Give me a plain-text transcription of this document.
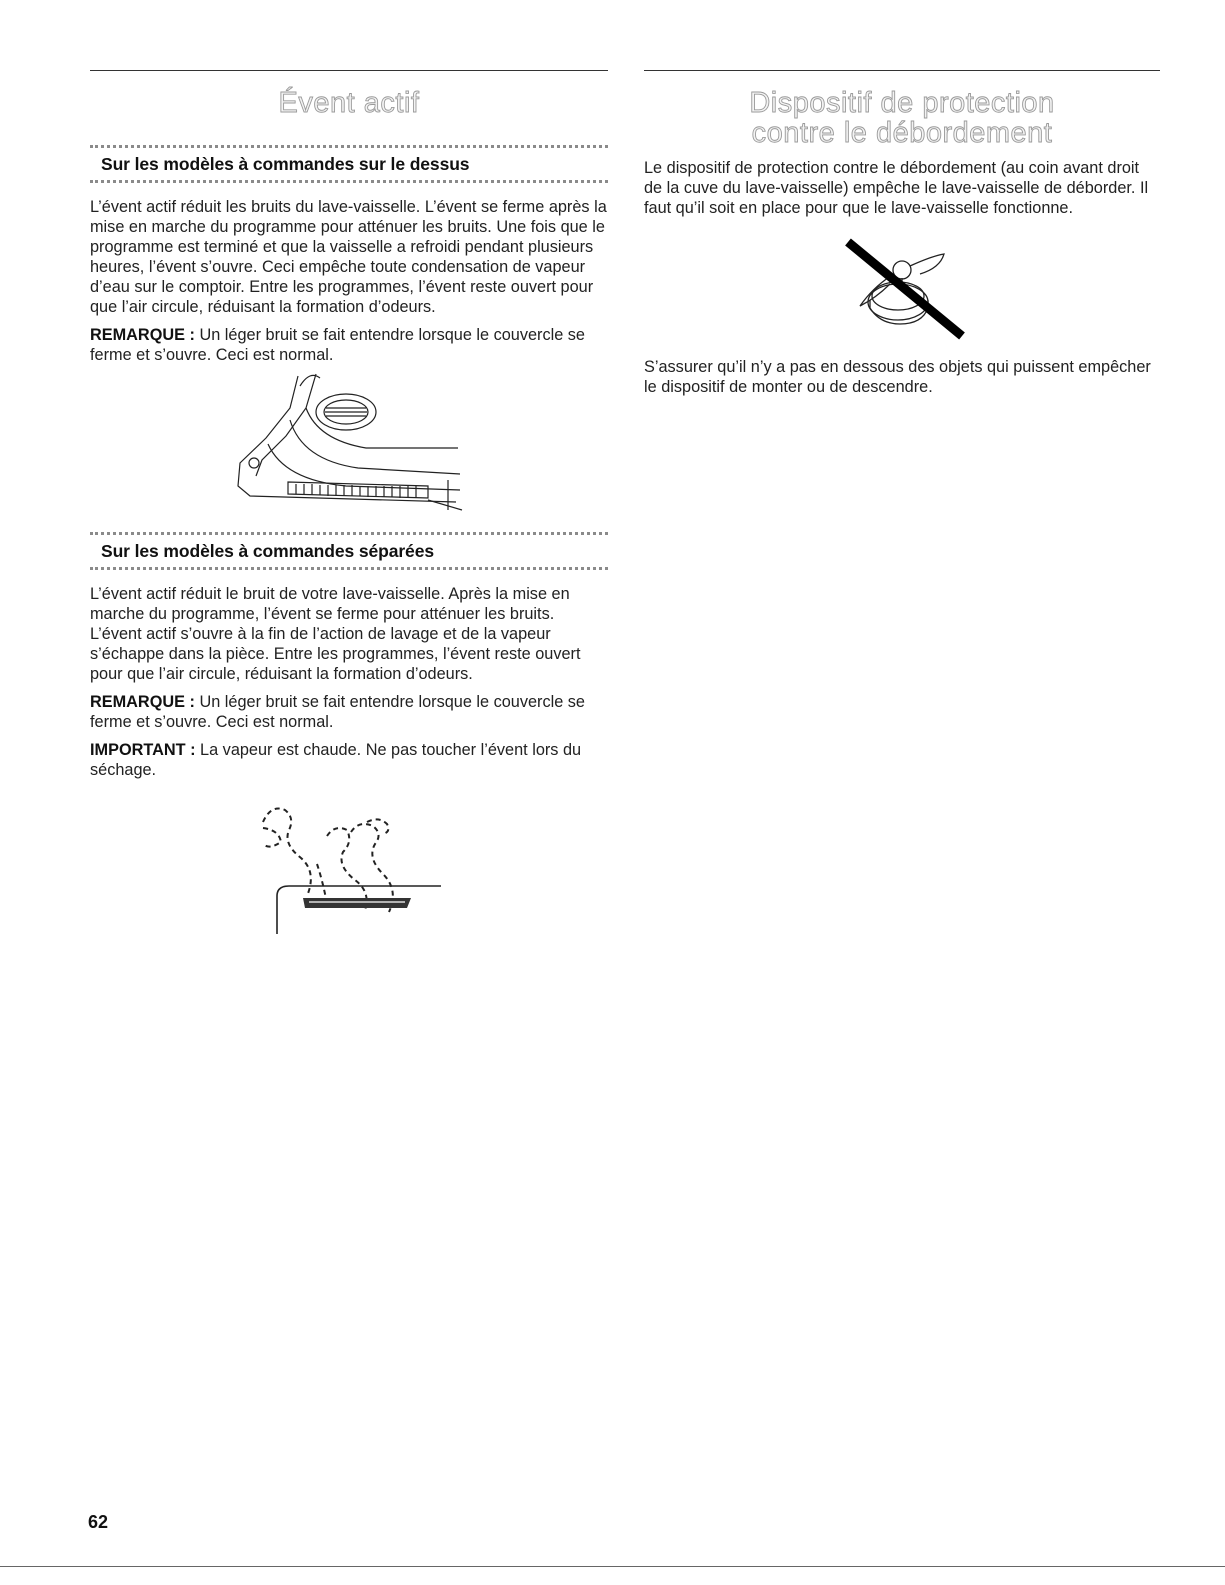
Évent actif
Sur les modèles à commandes sur le dessus

L’évent actif réduit les bruits du lave-vaisselle. L’évent se ferme après la mise en marche du programme pour atténuer les bruits. Une fois que le programme est terminé et que la vaisselle a refroidi pendant plusieurs heures, l’évent s’ouvre. Ceci empêche toute condensation de vapeur d’eau sur le comptoir. Entre les programmes, l’évent reste ouvert pour que l’air circule, réduisant la formation d’odeurs.

REMARQUE : Un léger bruit se fait entendre lorsque le couvercle se ferme et s’ouvre. Ceci est normal.

Sur les modèles à commandes séparées

L’évent actif réduit le bruit de votre lave-vaisselle. Après la mise en marche du programme, l’évent se ferme pour atténuer les bruits. L’évent actif s’ouvre à la fin de l’action de lavage et de la vapeur s’échappe dans la pièce. Entre les programmes, l’évent reste ouvert pour que l’air circule, réduisant la formation d’odeurs.

REMARQUE : Un léger bruit se fait entendre lorsque le couvercle se ferme et s’ouvre. Ceci est normal.

IMPORTANT : La vapeur est chaude. Ne pas toucher l’évent lors du séchage.

Dispositif de protection
contre le débordement

Le dispositif de protection contre le débordement (au coin avant droit de la cuve du lave-vaisselle) empêche le lave-vaisselle de déborder. Il faut qu’il soit en place pour que le lave-vaisselle fonctionne.

S’assurer qu’il n’y a pas en dessous des objets qui puissent empêcher le dispositif de monter ou de descendre.

62
